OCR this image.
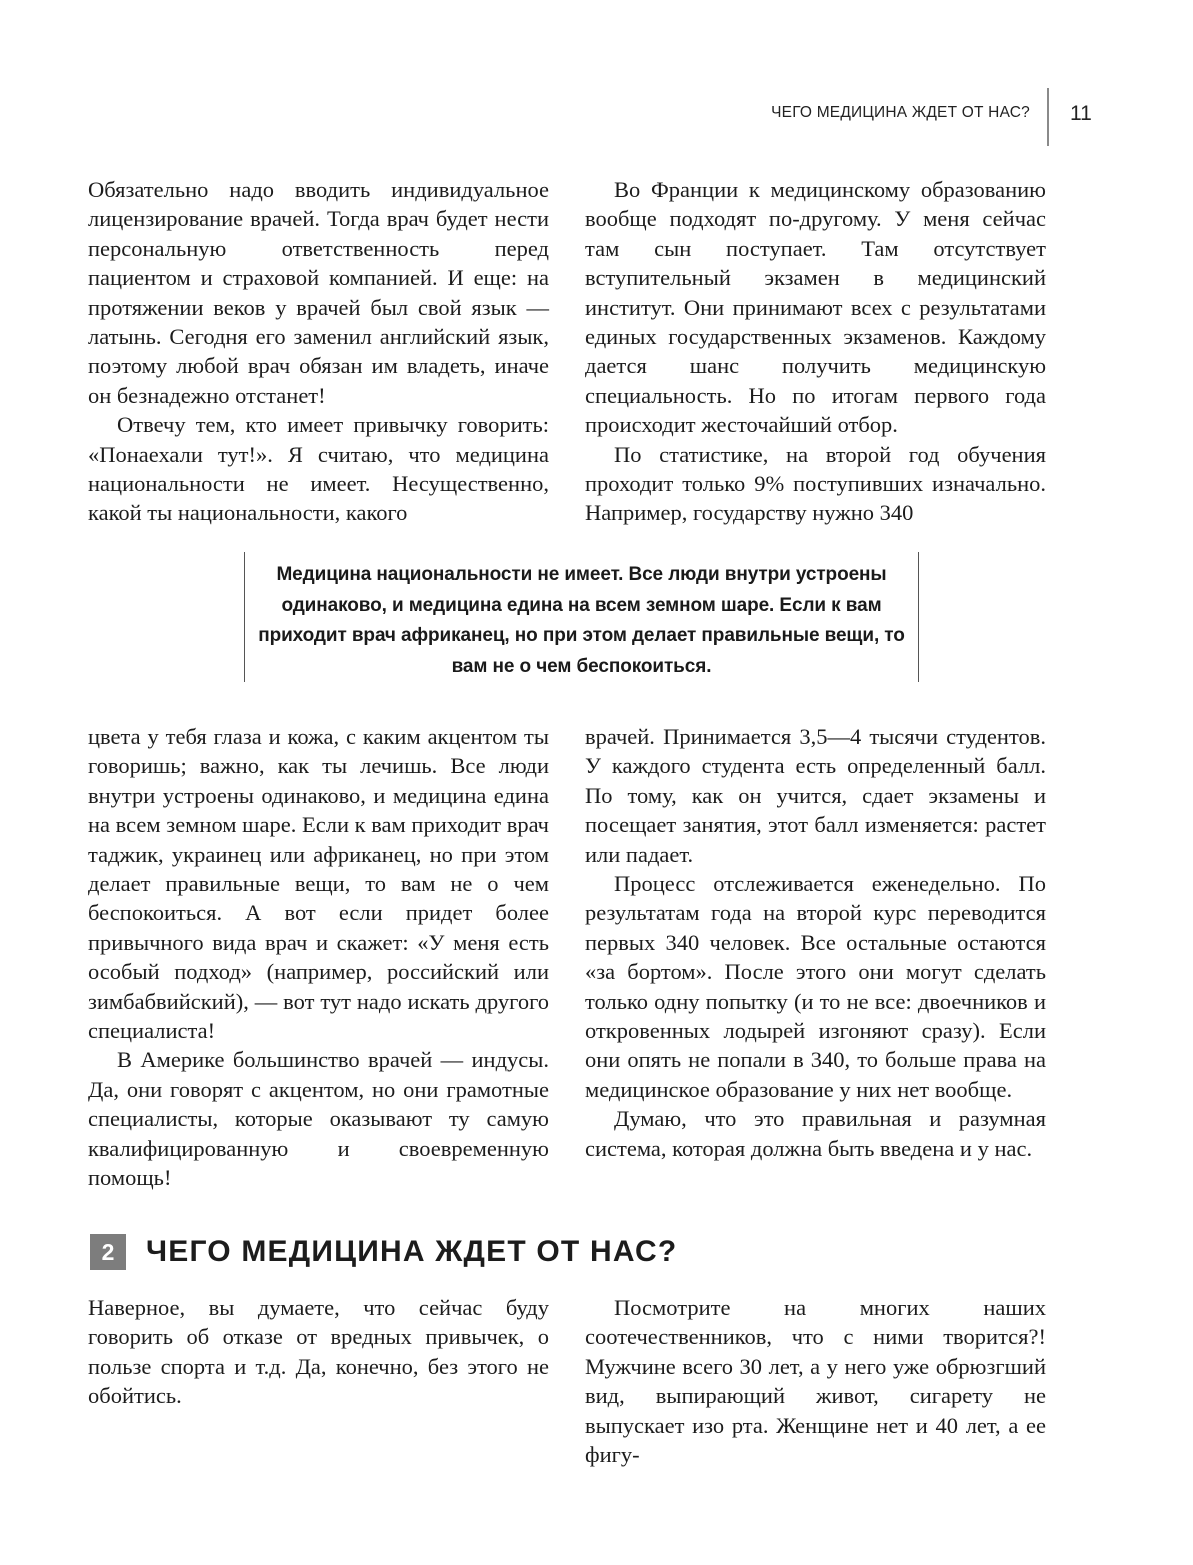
ЧЕГО МЕДИЦИНА ЖДЕТ ОТ НАС? 11

Обязательно надо вводить индивидуальное лицензирование врачей. Тогда врач будет нести персональную ответственность перед пациентом и страховой компанией. И еще: на протяжении веков у врачей был свой язык — латынь. Сегодня его заменил английский язык, поэтому любой врач обязан им владеть, иначе он безнадежно отстанет!

Отвечу тем, кто имеет привычку говорить: «Понаехали тут!». Я считаю, что медицина национальности не имеет. Несущественно, какой ты национальности, какого

Во Франции к медицинскому образованию вообще подходят по-другому. У меня сейчас там сын поступает. Там отсутствует вступительный экзамен в медицинский институт. Они принимают всех с результатами единых государственных экзаменов. Каждому дается шанс получить медицинскую специальность. Но по итогам первого года происходит жесточайший отбор.

По статистике, на второй год обучения проходит только 9% поступивших изначально. Например, государству нужно 340

Медицина национальности не имеет. Все люди внутри устроены одинаково, и медицина едина на всем земном шаре. Если к вам приходит врач африканец, но при этом делает правильные вещи, то вам не о чем беспокоиться.

цвета у тебя глаза и кожа, с каким акцентом ты говоришь; важно, как ты лечишь. Все люди внутри устроены одинаково, и медицина едина на всем земном шаре. Если к вам приходит врач таджик, украинец или африканец, но при этом делает правильные вещи, то вам не о чем беспокоиться. А вот если придет более привычного вида врач и скажет: «У меня есть особый подход» (например, российский или зимбабвийский), — вот тут надо искать другого специалиста!

В Америке большинство врачей — индусы. Да, они говорят с акцентом, но они грамотные специалисты, которые оказывают ту самую квалифицированную и своевременную помощь!

врачей. Принимается 3,5—4 тысячи студентов. У каждого студента есть определенный балл. По тому, как он учится, сдает экзамены и посещает занятия, этот балл изменяется: растет или падает.

Процесс отслеживается еженедельно. По результатам года на второй курс переводится первых 340 человек. Все остальные остаются «за бортом». После этого они могут сделать только одну попытку (и то не все: двоечников и откровенных лодырей изгоняют сразу). Если они опять не попали в 340, то больше права на медицинское образование у них нет вообще.

Думаю, что это правильная и разумная система, которая должна быть введена и у нас.

2	ЧЕГО МЕДИЦИНА ЖДЕТ ОТ НАС?

Наверное, вы думаете, что сейчас буду говорить об отказе от вредных привычек, о пользе спорта и т.д. Да, конечно, без этого не обойтись.

Посмотрите на многих наших соотечественников, что с ними творится?! Мужчине всего 30 лет, а у него уже обрюзгший вид, выпирающий живот, сигарету не выпускает изо рта. Женщине нет и 40 лет, а ее фигу-
